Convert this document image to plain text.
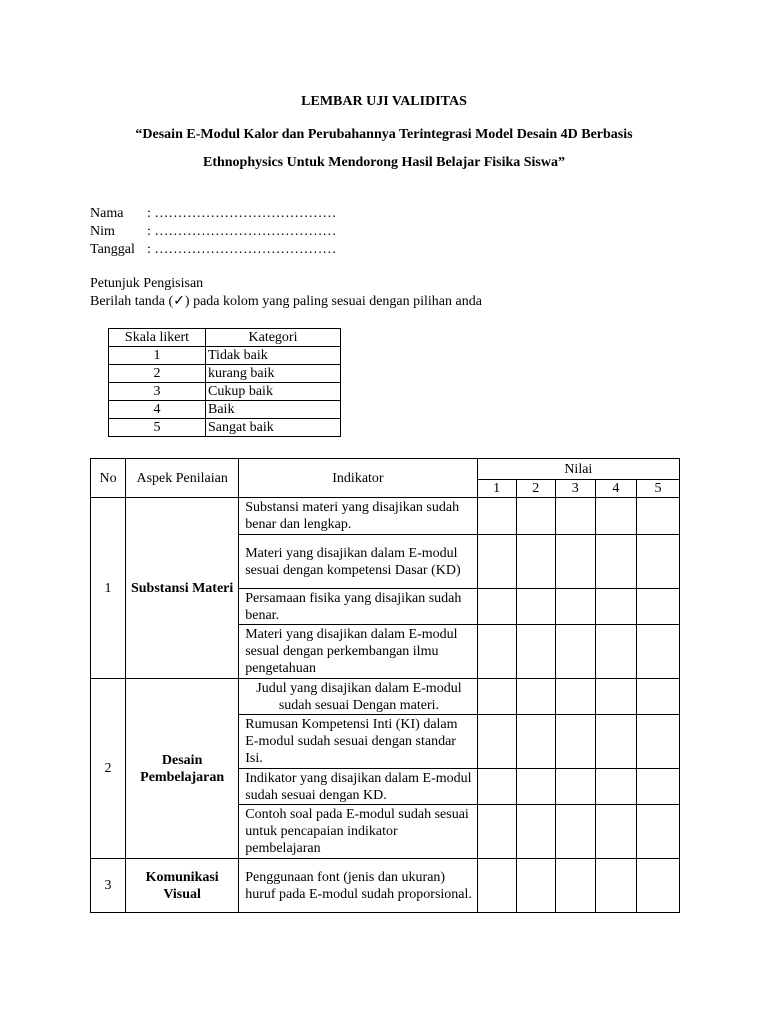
LEMBAR UJI VALIDITAS
“Desain E-Modul Kalor dan Perubahannya Terintegrasi Model Desain 4D Berbasis
Ethnophysics Untuk Mendorong Hasil Belajar Fisika Siswa”
Nama : …………………………………
Nim : …………………………………
Tanggal : …………………………………
Petunjuk Pengisisan
Berilah tanda (✓) pada kolom yang paling sesuai dengan pilihan anda
Skala likert	Kategori
1	Tidak baik
2	kurang baik
3	Cukup baik
4	Baik
5	Sangat baik
No	Aspek Penilaian	Indikator	Nilai				
			1	2	3	4	5
1	Substansi Materi	Substansi materi yang disajikan sudah benar dan lengkap.					
		Materi yang disajikan dalam E-modul sesuai dengan kompetensi Dasar (KD)					
		Persamaan fisika yang disajikan sudah benar.					
		Materi yang disajikan dalam E-modul sesual dengan perkembangan ilmu pengetahuan					
2	Desain Pembelajaran	Judul yang disajikan dalam E-modul sudah sesuai Dengan materi.					
		Rumusan Kompetensi Inti (KI) dalam E-modul sudah sesuai dengan standar Isi.					
		Indikator yang disajikan dalam E-modul sudah sesuai dengan KD.					
		Contoh soal pada E-modul sudah sesuai untuk pencapaian indikator pembelajaran					
3	Komunikasi Visual	Penggunaan font (jenis dan ukuran) huruf pada E-modul sudah proporsional.					
